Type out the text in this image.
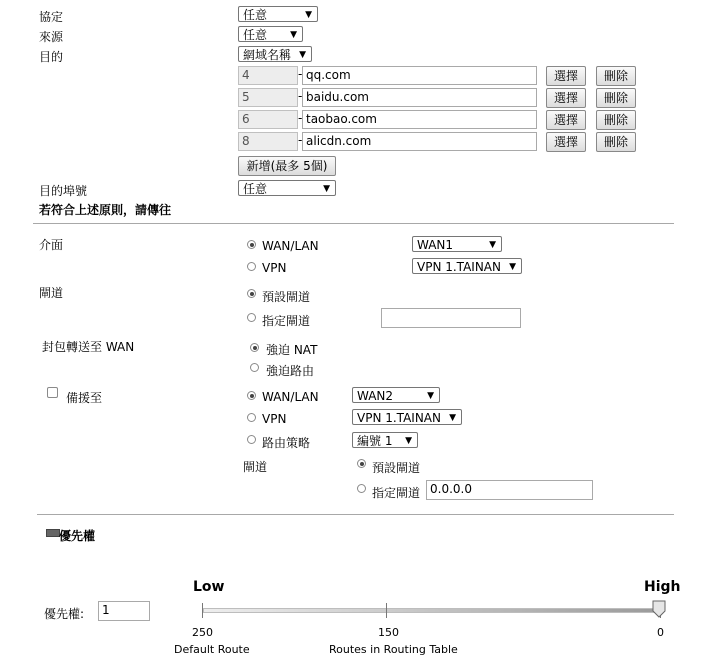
協定	任意	▼
來源	任意	▼
目的	網域名稱 ▼
4	- qq.com	選擇	刪除
5	- baidu.com	選擇	刪除
6	- taobao.com	選擇	刪除
8	- alicdn.com	選擇	刪除
新增(最多 5個)
目的埠號	任意	▼
若符合上述原則，請傳往
介面	WAN/LAN	WAN1	▼
VPN	VPN 1.TAINAN ▼
閘道	預設閘道
指定閘道
封包轉送至 WAN	強迫 NAT
強迫路由
備援至	WAN/LAN	WAN2	▼
VPN	VPN 1.TAINAN ▼
路由策略	編號 1 ▼
閘道	預設閘道
指定閘道 0.0.0.0
優先權
Low	High
優先權:	1
250	150	0
Default Route	Routes in Routing Table
